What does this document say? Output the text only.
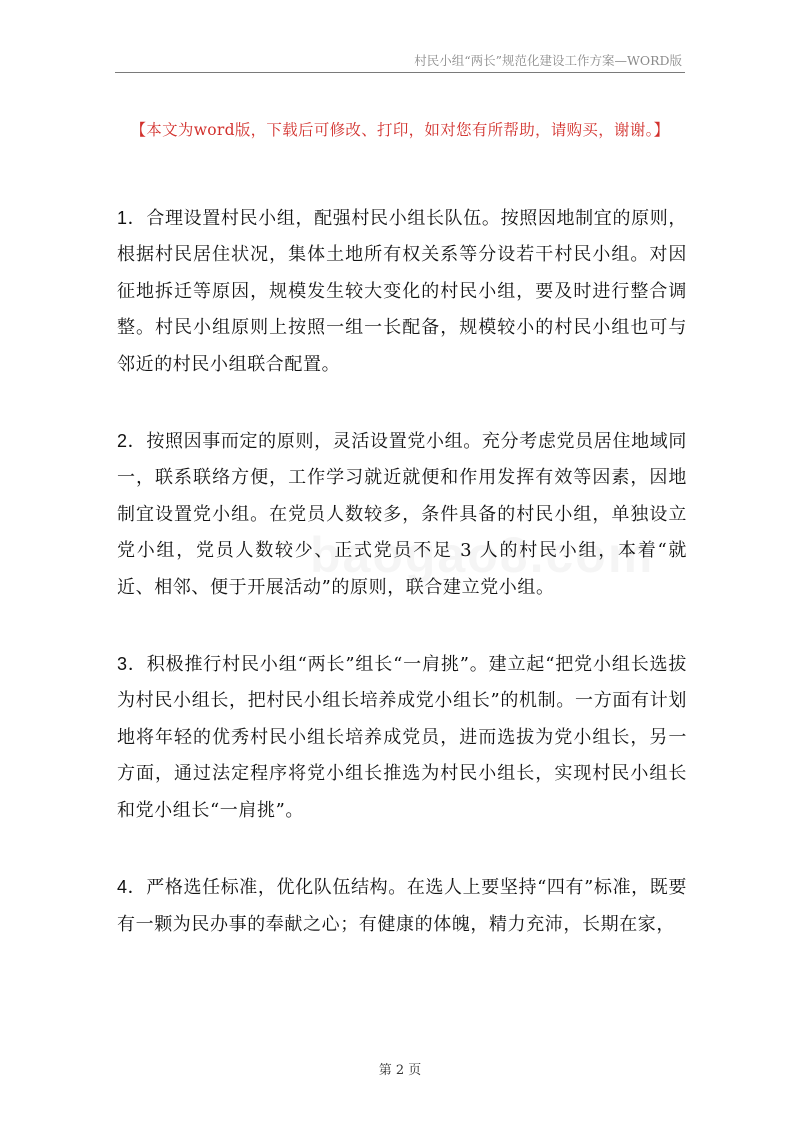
村民小组“两长”规范化建设工作方案—WORD版
【本文为word版，下载后可修改、打印，如对您有所帮助，请购买，谢谢。】

1．合理设置村民小组，配强村民小组长队伍。按照因地制宜的原则，根据村民居住状况，集体土地所有权关系等分设若干村民小组。对因征地拆迁等原因，规模发生较大变化的村民小组，要及时进行整合调整。村民小组原则上按照一组一长配备，规模较小的村民小组也可与邻近的村民小组联合配置。

2．按照因事而定的原则，灵活设置党小组。充分考虑党员居住地域同一，联系联络方便，工作学习就近就便和作用发挥有效等因素，因地制宜设置党小组。在党员人数较多，条件具备的村民小组，单独设立党小组，党员人数较少、正式党员不足 3 人的村民小组，本着“就近、相邻、便于开展活动”的原则，联合建立党小组。

3．积极推行村民小组“两长”组长“一肩挑”。建立起“把党小组长选拔为村民小组长，把村民小组长培养成党小组长”的机制。一方面有计划地将年轻的优秀村民小组长培养成党员，进而选拔为党小组长，另一方面，通过法定程序将党小组长推选为村民小组长，实现村民小组长和党小组长“一肩挑”。

4．严格选任标准，优化队伍结构。在选人上要坚持“四有”标准，既要有一颗为民办事的奉献之心；有健康的体魄，精力充沛，长期在家，

第 2 页
